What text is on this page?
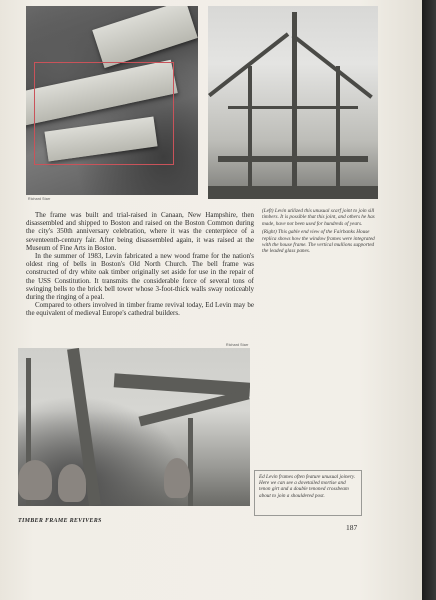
Richard Starr

The frame was built and trial-raised in Canaan, New Hampshire, then disassembled and shipped to Boston and raised on the Boston Common during the city's 350th anniversary celebration, where it was the centerpiece of a seventeenth-century fair. After being disassembled again, it was raised at the Museum of Fine Arts in Boston.

In the summer of 1983, Levin fabricated a new wood frame for the nation's oldest ring of bells in Boston's Old North Church. The bell frame was constructed of dry white oak timber originally set aside for use in the repair of the USS Constitution. It transmits the considerable force of several tons of swinging bells to the brick bell tower whose 3-foot-thick walls sway noticeably during the ringing of a peal.

Compared to others involved in timber frame revival today, Ed Levin may be the equivalent of medieval Europe's cathedral builders.

(Left) Levin utilized this unusual scarf joint to join sill timbers. It is possible that this joint, and others he has made, have not been used for hundreds of years.

(Right) This gable end view of the Fairbanks House replica shows how the window frames were integrated with the house frame. The vertical mullions supported the leaded glass panes.

Richard Starr
Ed Levin frames often feature unusual joinery. Here we can see a dovetailed mortise and tenon girt and a double tenoned crossbeam about to join a shouldered post.
TIMBER FRAME REVIVERS
187
